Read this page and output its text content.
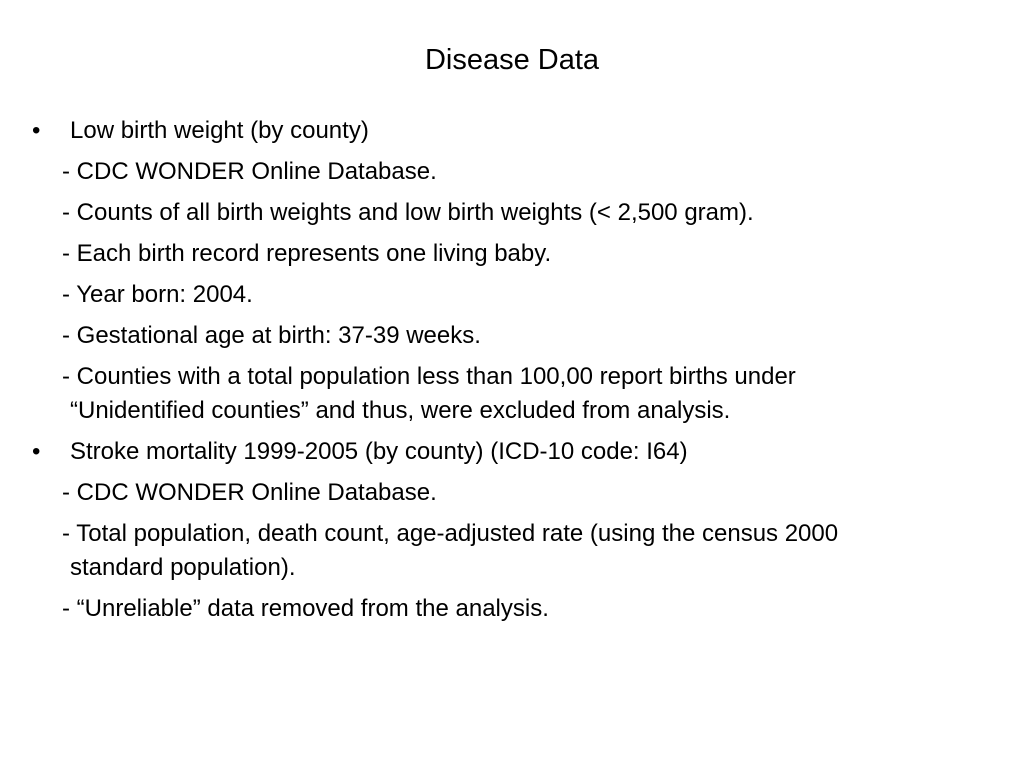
Disease Data
• Low birth weight (by county)
- CDC WONDER Online Database.
- Counts of all birth weights and low birth weights (< 2,500 gram).
- Each birth record represents one living baby.
- Year born: 2004.
- Gestational age at birth: 37-39 weeks.
- Counties with a total population less than 100,00 report births under
“Unidentified counties” and thus, were excluded from analysis.
• Stroke mortality 1999-2005 (by county) (ICD-10 code: I64)
- CDC WONDER Online Database.
- Total population, death count, age-adjusted rate (using the census 2000
standard population).
- “Unreliable” data removed from the analysis.
